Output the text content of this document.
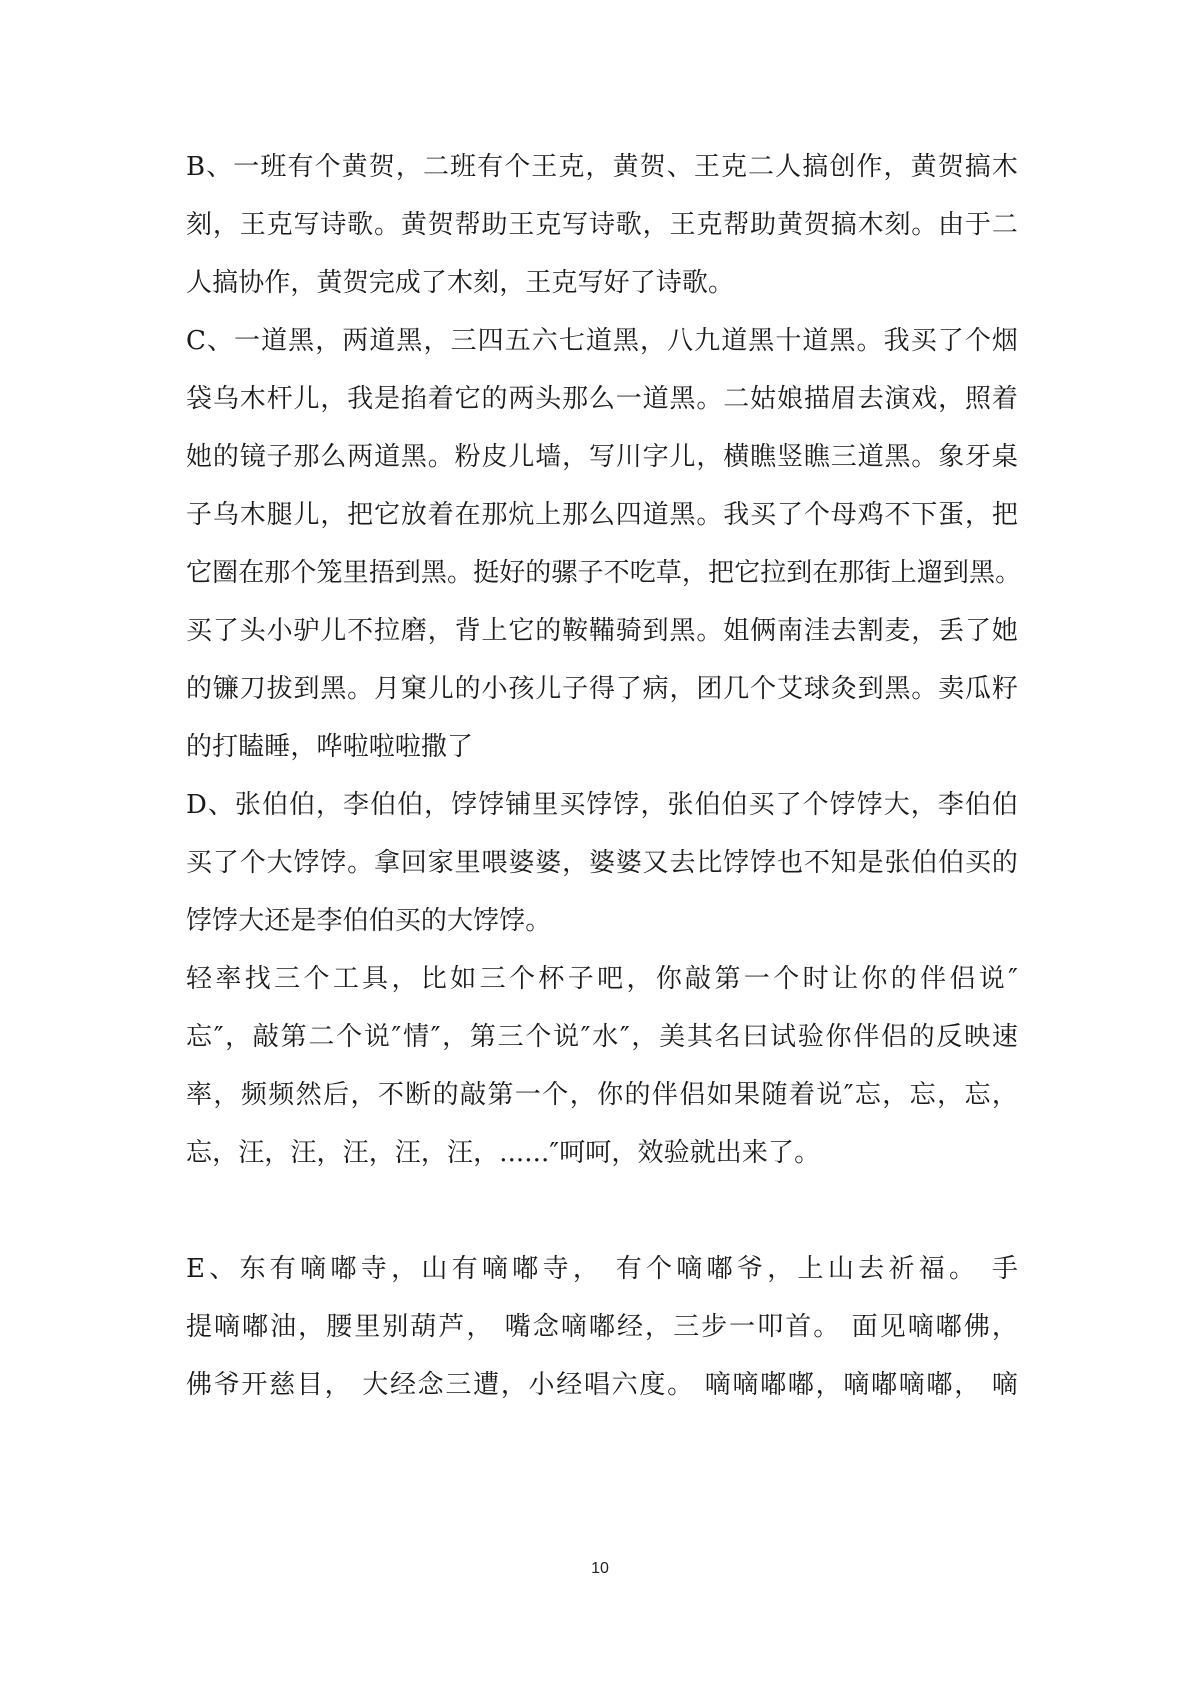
B、一班有个黄贺，二班有个王克，黄贺、王克二人搞创作，黄贺搞木
刻，王克写诗歌。黄贺帮助王克写诗歌，王克帮助黄贺搞木刻。由于二
人搞协作，黄贺完成了木刻，王克写好了诗歌。
C、一道黑，两道黑，三四五六七道黑，八九道黑十道黑。我买了个烟
袋乌木杆儿，我是掐着它的两头那么一道黑。二姑娘描眉去演戏，照着
她的镜子那么两道黑。粉皮儿墙，写川字儿，横瞧竖瞧三道黑。象牙桌
子乌木腿儿，把它放着在那炕上那么四道黑。我买了个母鸡不下蛋，把
它圈在那个笼里捂到黑。挺好的骡子不吃草，把它拉到在那街上遛到黑。
买了头小驴儿不拉磨，背上它的鞍鞴骑到黑。姐俩南洼去割麦，丢了她
的镰刀拔到黑。月窠儿的小孩儿子得了病，团几个艾球灸到黑。卖瓜籽
的打瞌睡，哗啦啦啦撒了
D、张伯伯，李伯伯，饽饽铺里买饽饽，张伯伯买了个饽饽大，李伯伯
买了个大饽饽。拿回家里喂婆婆，婆婆又去比饽饽也不知是张伯伯买的
饽饽大还是李伯伯买的大饽饽。
轻率找三个工具，比如三个杯子吧，你敲第一个时让你的伴侣说″
忘″，敲第二个说″情″，第三个说″水″，美其名曰试验你伴侣的反映速
率，频频然后，不断的敲第一个，你的伴侣如果随着说″忘，忘，忘，
忘，汪，汪，汪，汪，汪，......″呵呵，效验就出来了。
E、东有嘀嘟寺，山有嘀嘟寺， 有个嘀嘟爷，上山去祈福。 手
提嘀嘟油，腰里别葫芦， 嘴念嘀嘟经，三步一叩首。 面见嘀嘟佛，
佛爷开慈目， 大经念三遭，小经唱六度。 嘀嘀嘟嘟，嘀嘟嘀嘟， 嘀
10
